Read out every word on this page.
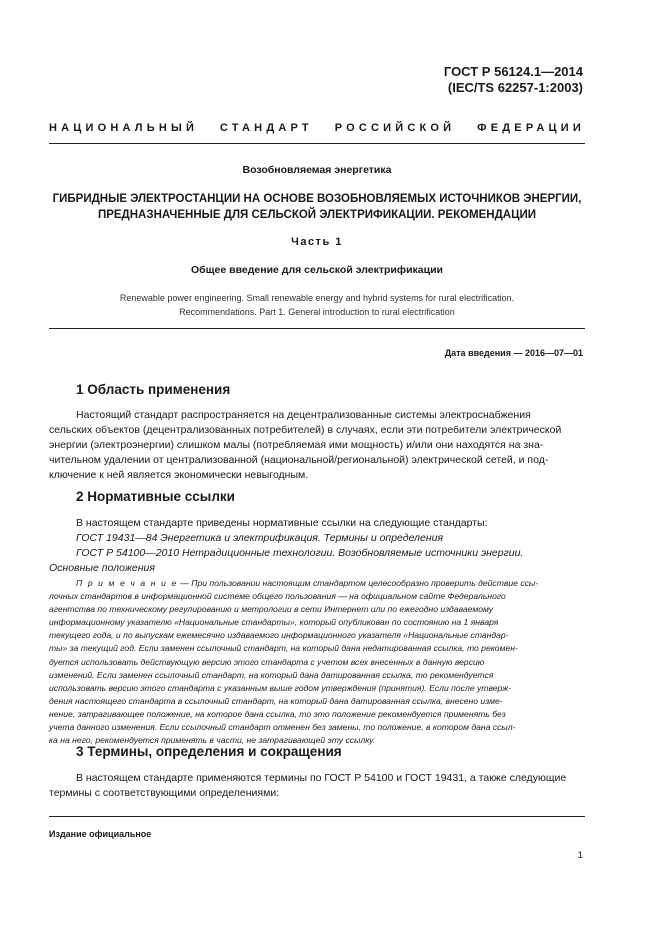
ГОСТ Р 56124.1—2014
(IEC/TS 62257-1:2003)
НАЦИОНАЛЬНЫЙ СТАНДАРТ РОССИЙСКОЙ ФЕДЕРАЦИИ
Возобновляемая энергетика
ГИБРИДНЫЕ ЭЛЕКТРОСТАНЦИИ НА ОСНОВЕ ВОЗОБНОВЛЯЕМЫХ ИСТОЧНИКОВ ЭНЕРГИИ,
ПРЕДНАЗНАЧЕННЫЕ ДЛЯ СЕЛЬСКОЙ ЭЛЕКТРИФИКАЦИИ. РЕКОМЕНДАЦИИ
Часть 1
Общее введение для сельской электрификации
Renewable power engineering. Small renewable energy and hybrid systems for rural electrification.
Recommendations. Part 1. General introduction to rural electrification
Дата введения — 2016—07—01
1 Область применения
Настоящий стандарт распространяется на децентрализованные системы электроснабжения
сельских объектов (децентрализованных потребителей) в случаях, если эти потребители электрической
энергии (электроэнергии) слишком малы (потребляемая ими мощность) и/или они находятся на зна-
чительном удалении от централизованной (национальной/региональной) электрической сетей, и под-
ключение к ней является экономически невыгодным.
2 Нормативные ссылки
В настоящем стандарте приведены нормативные ссылки на следующие стандарты:
ГОСТ 19431—84 Энергетика и электрификация. Термины и определения
ГОСТ Р 54100—2010 Нетрадиционные технологии. Возобновляемые источники энергии.
Основные положения
П р и м е ч а н и е — При пользовании настоящим стандартом целесообразно проверить действие ссы-
лочных стандартов в информационной системе общего пользования — на официальном сайте Федерального
агентства по техническому регулированию и метрологии в сети Интернет или по ежегодно издаваемому
информационному указателю «Национальные стандарты», который опубликован по состоянию на 1 января
текущего года, и по выпускам ежемесячно издаваемого информационного указателя «Национальные стандар-
ты» за текущий год. Если заменен ссылочный стандарт, на который дана недатированная ссылка, то рекомен-
дуется использовать действующую версию этого стандарта с учетом всех внесенных в данную версию
изменений. Если заменен ссылочный стандарт, на который дана датированная ссылка, то рекомендуется
использовать версию этого стандарта с указанным выше годом утверждения (принятия). Если после утверж-
дения настоящего стандарта в ссылочный стандарт, на который дана датированная ссылка, внесено изме-
нение, затрагивающее положение, на которое дана ссылка, то это положение рекомендуется применять без
учета данного изменения. Если ссылочный стандарт отменен без замены, то положение, в котором дана ссыл-
ка на него, рекомендуется применять в части, не затрагивающей эту ссылку.
3 Термины, определения и сокращения
В настоящем стандарте применяются термины по ГОСТ Р 54100 и ГОСТ 19431, а также следующие
термины с соответствующими определениями:
Издание официальное
1
